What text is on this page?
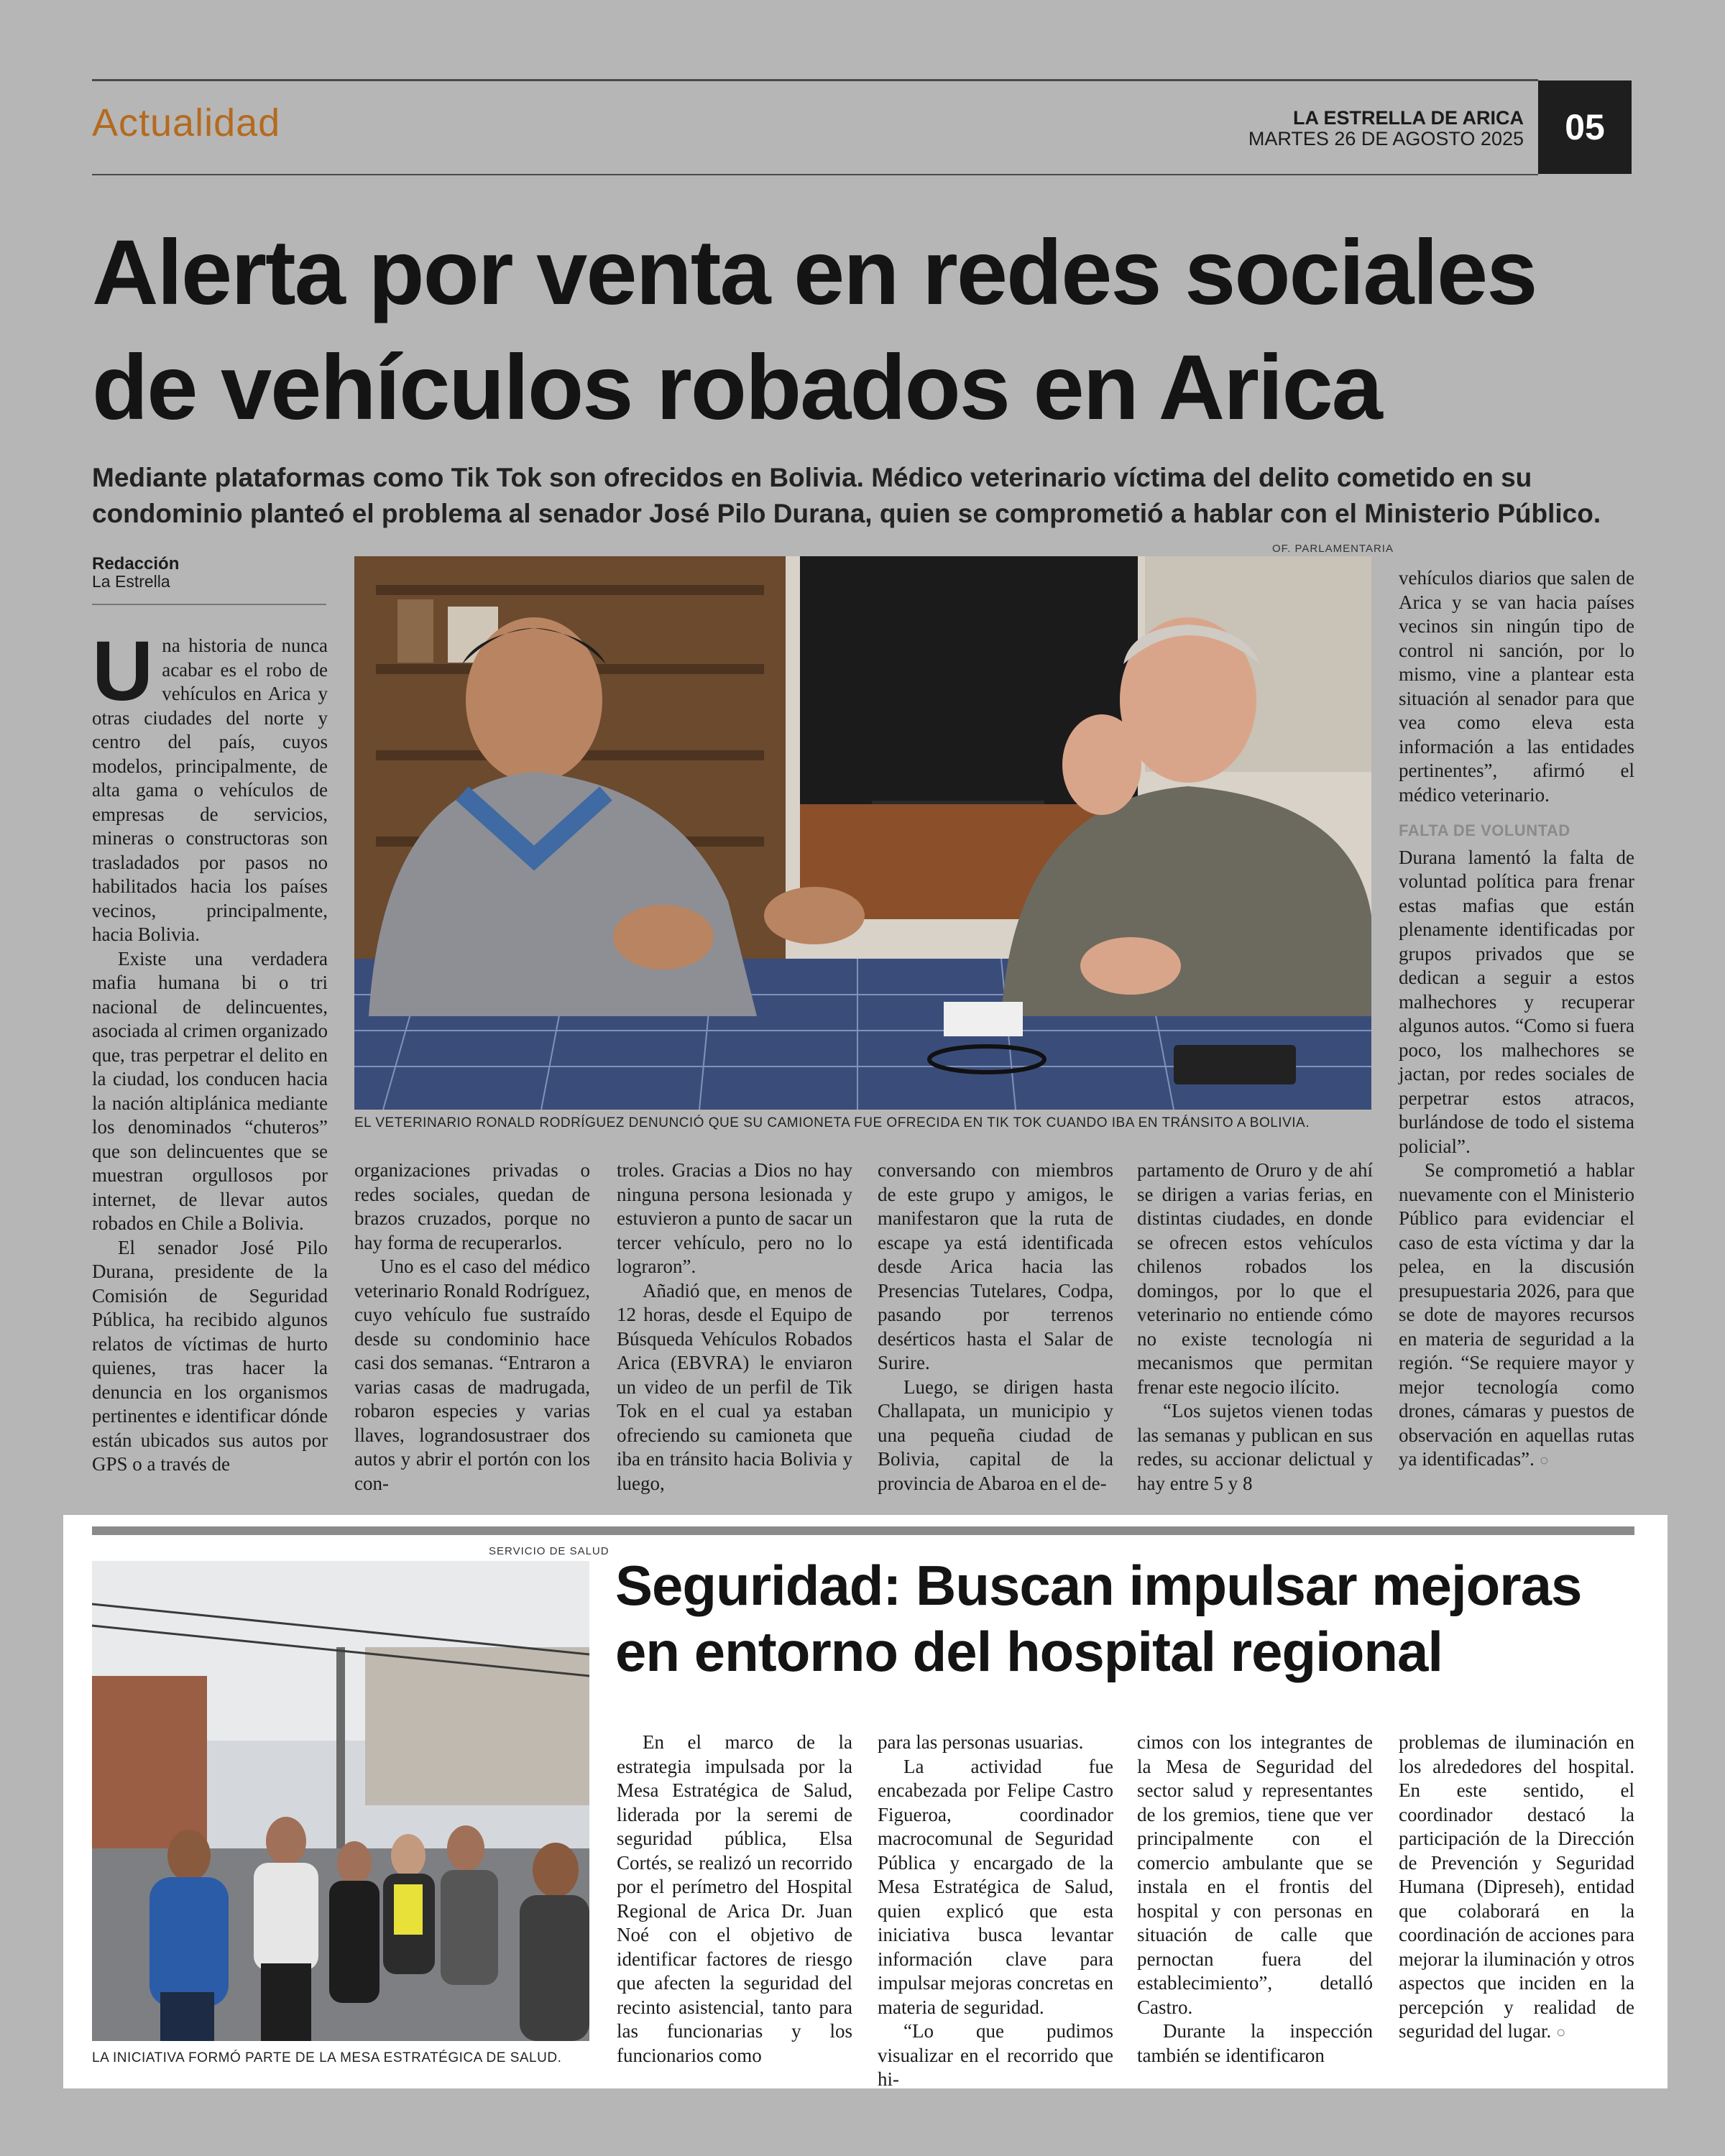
Actualidad	LA ESTRELLA DE ARICA
MARTES 26 DE AGOSTO 2025	05
Alerta por venta en redes sociales
de vehículos robados en Arica
Mediante plataformas como Tik Tok son ofrecidos en Bolivia. Médico veterinario víctima del delito cometido en su
condominio planteó el problema al senador José Pilo Durana, quien se comprometió a hablar con el Ministerio Público.
Redacción
La Estrella
OF. PARLAMENTARIA
EL VETERINARIO RONALD RODRÍGUEZ DENUNCIÓ QUE SU CAMIONETA FUE OFRECIDA EN TIK TOK CUANDO IBA EN TRÁNSITO A BOLIVIA.

Una historia de nunca acabar es el robo de vehículos en Arica y otras ciudades del norte y centro del país, cuyos modelos, principalmente, de alta gama o vehículos de empresas de servicios, mineras o constructoras son trasladados por pasos no habilitados hacia los países vecinos, principalmente, hacia Bolivia.

Existe una verdadera mafia humana bi o tri nacional de delincuentes, asociada al crimen organizado que, tras perpetrar el delito en la ciudad, los conducen hacia la nación altiplánica mediante los denominados “chuteros” que son delincuentes que se muestran orgullosos por internet, de llevar autos robados en Chile a Bolivia.

El senador José Pilo Durana, presidente de la Comisión de Seguridad Pública, ha recibido algunos relatos de víctimas de hurto quienes, tras hacer la denuncia en los organismos pertinentes e identificar dónde están ubicados sus autos por GPS o a través de

organizaciones privadas o redes sociales, quedan de brazos cruzados, porque no hay forma de recuperarlos.

Uno es el caso del médico veterinario Ronald Rodríguez, cuyo vehículo fue sustraído desde su condominio hace casi dos semanas. “Entraron a varias casas de madrugada, robaron especies y varias llaves, lograndosustraer dos autos y abrir el portón con los con-

troles. Gracias a Dios no hay ninguna persona lesionada y estuvieron a punto de sacar un tercer vehículo, pero no lo lograron”.

Añadió que, en menos de 12 horas, desde el Equipo de Búsqueda Vehículos Robados Arica (EBVRA) le enviaron un video de un perfil de Tik Tok en el cual ya estaban ofreciendo su camioneta que iba en tránsito hacia Bolivia y luego,

conversando con miembros de este grupo y amigos, le manifestaron que la ruta de escape ya está identificada desde Arica hacia las Presencias Tutelares, Codpa, pasando por terrenos desérticos hasta el Salar de Surire.

Luego, se dirigen hasta Challapata, un municipio y una pequeña ciudad de Bolivia, capital de la provincia de Abaroa en el de-

partamento de Oruro y de ahí se dirigen a varias ferias, en distintas ciudades, en donde se ofrecen estos vehículos chilenos robados los domingos, por lo que el veterinario no entiende cómo no existe tecnología ni mecanismos que permitan frenar este negocio ilícito.

“Los sujetos vienen todas las semanas y publican en sus redes, su accionar delictual y hay entre 5 y 8

vehículos diarios que salen de Arica y se van hacia países vecinos sin ningún tipo de control ni sanción, por lo mismo, vine a plantear esta situación al senador para que vea como eleva esta información a las entidades pertinentes”, afirmó el médico veterinario.

FALTA DE VOLUNTAD

Durana lamentó la falta de voluntad política para frenar estas mafias que están plenamente identificadas por grupos privados que se dedican a seguir a estos malhechores y recuperar algunos autos. “Como si fuera poco, los malhechores se jactan, por redes sociales de perpetrar estos atracos, burlándose de todo el sistema policial”.

Se comprometió a hablar nuevamente con el Ministerio Público para evidenciar el caso de esta víctima y dar la pelea, en la discusión presupuestaria 2026, para que se dote de mayores recursos en materia de seguridad a la región. “Se requiere mayor y mejor tecnología como drones, cámaras y puestos de observación en aquellas rutas ya identificadas”. ○

SERVICIO DE SALUD
LA INICIATIVA FORMÓ PARTE DE LA MESA ESTRATÉGICA DE SALUD.
Seguridad: Buscan impulsar mejoras
en entorno del hospital regional

En el marco de la estrategia impulsada por la Mesa Estratégica de Salud, liderada por la seremi de seguridad pública, Elsa Cortés, se realizó un recorrido por el perímetro del Hospital Regional de Arica Dr. Juan Noé con el objetivo de identificar factores de riesgo que afecten la seguridad del recinto asistencial, tanto para las funcionarias y los funcionarios como

para las personas usuarias.

La actividad fue encabezada por Felipe Castro Figueroa, coordinador macrocomunal de Seguridad Pública y encargado de la Mesa Estratégica de Salud, quien explicó que esta iniciativa busca levantar información clave para impulsar mejoras concretas en materia de seguridad.

“Lo que pudimos visualizar en el recorrido que hi-

cimos con los integrantes de la Mesa de Seguridad del sector salud y representantes de los gremios, tiene que ver principalmente con el comercio ambulante que se instala en el frontis del hospital y con personas en situación de calle que pernoctan fuera del establecimiento”, detalló Castro.

Durante la inspección también se identificaron

problemas de iluminación en los alrededores del hospital. En este sentido, el coordinador destacó la participación de la Dirección de Prevención y Seguridad Humana (Dipreseh), entidad que colaborará en la coordinación de acciones para mejorar la iluminación y otros aspectos que inciden en la percepción y realidad de seguridad del lugar. ○
